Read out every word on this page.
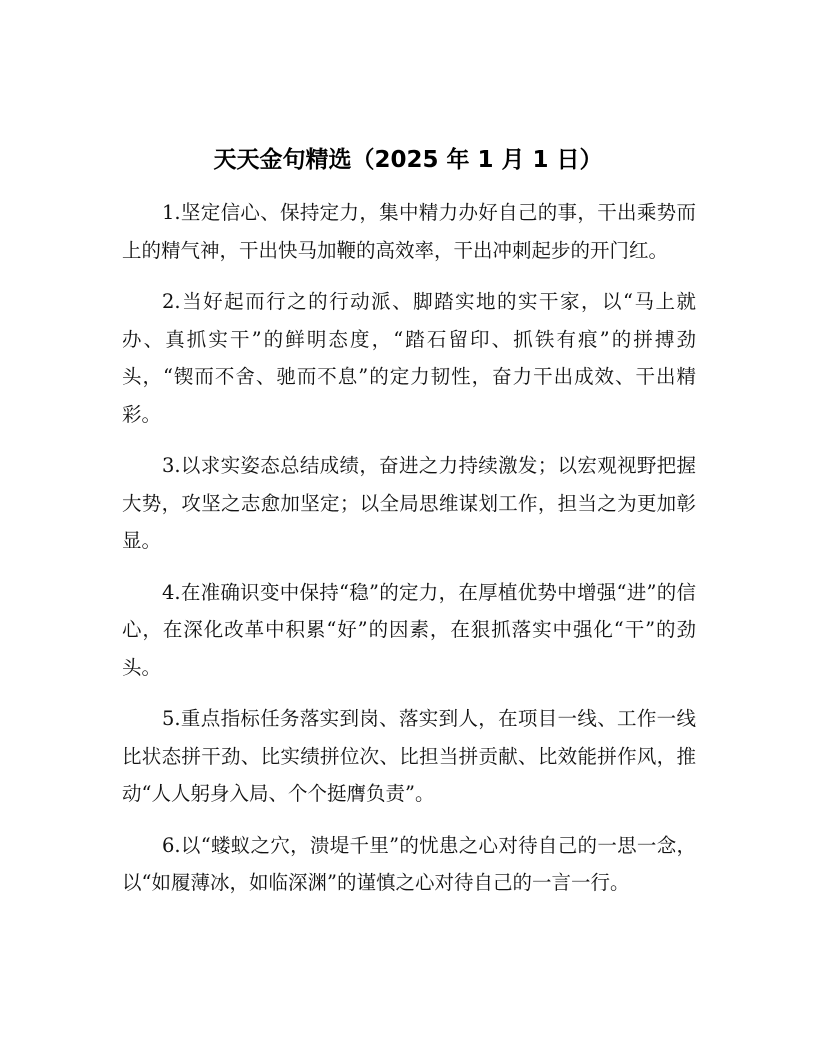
天天金句精选（2025 年 1 月 1 日）

1.坚定信心、保持定力，集中精力办好自己的事，干出乘势而上的精气神，干出快马加鞭的高效率，干出冲刺起步的开门红。

2.当好起而行之的行动派、脚踏实地的实干家，以“马上就办、真抓实干”的鲜明态度，“踏石留印、抓铁有痕”的拼搏劲头，“锲而不舍、驰而不息”的定力韧性，奋力干出成效、干出精彩。

3.以求实姿态总结成绩，奋进之力持续激发；以宏观视野把握大势，攻坚之志愈加坚定；以全局思维谋划工作，担当之为更加彰显。

4.在准确识变中保持“稳”的定力，在厚植优势中增强“进”的信心，在深化改革中积累“好”的因素，在狠抓落实中强化“干”的劲头。

5.重点指标任务落实到岗、落实到人，在项目一线、工作一线比状态拼干劲、比实绩拼位次、比担当拼贡献、比效能拼作风，推动“人人躬身入局、个个挺膺负责”。

6.以“蝼蚁之穴，溃堤千里”的忧患之心对待自己的一思一念，以“如履薄冰，如临深渊”的谨慎之心对待自己的一言一行。
